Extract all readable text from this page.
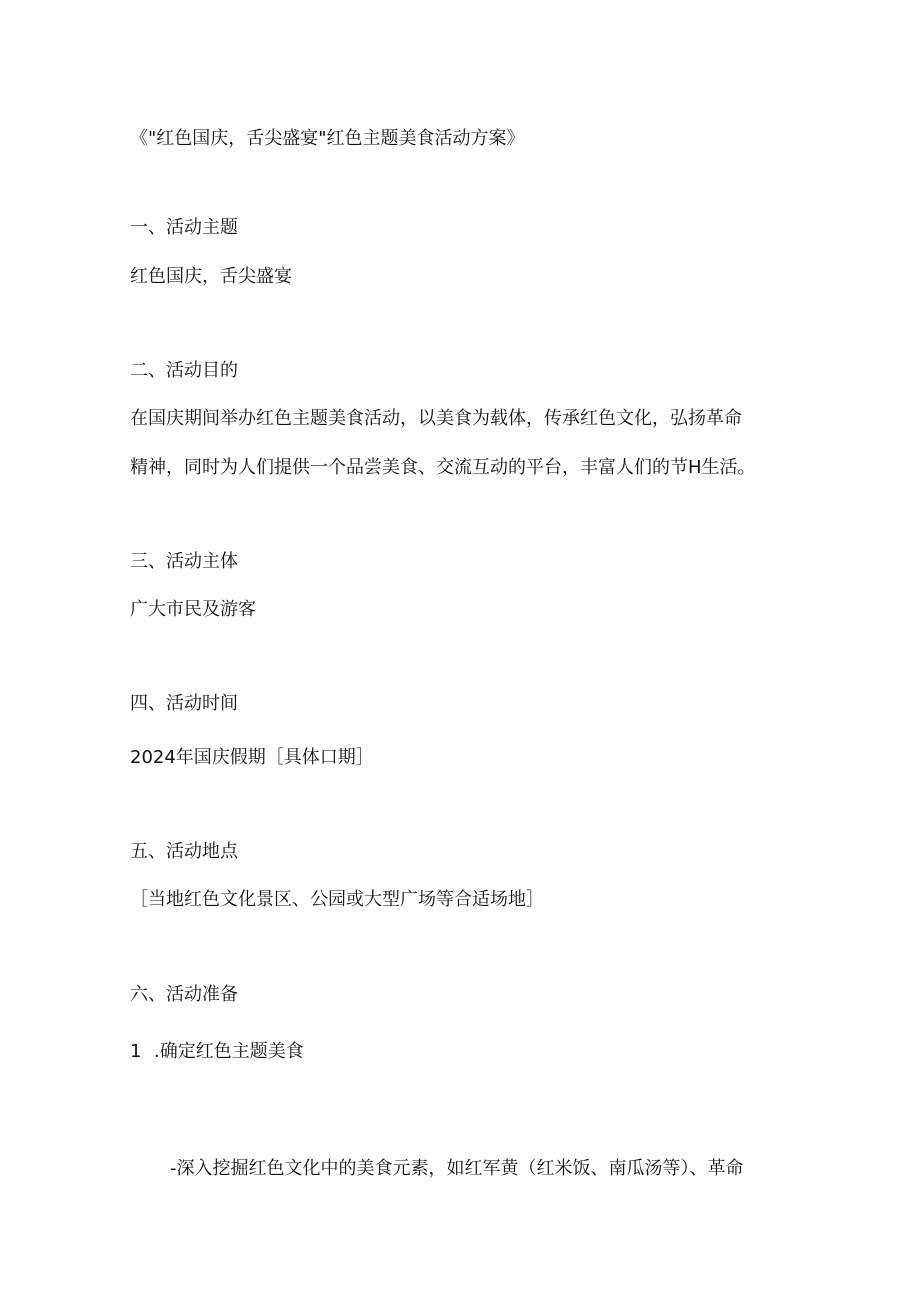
《"红色国庆，舌尖盛宴"红色主题美食活动方案》

一、活动主题

红色国庆，舌尖盛宴

二、活动目的

在国庆期间举办红色主题美食活动，以美食为载体，传承红色文化，弘扬革命

精神，同时为人们提供一个品尝美食、交流互动的平台，丰富人们的节H生活。

三、活动主体

广大市民及游客

四、活动时间

2024年国庆假期［具体口期］

五、活动地点

［当地红色文化景区、公园或大型广场等合适场地］

六、活动准备

1 .确定红色主题美食

-深入挖掘红色文化中的美食元素，如红军黄（红米饭、南瓜汤等）、革命
